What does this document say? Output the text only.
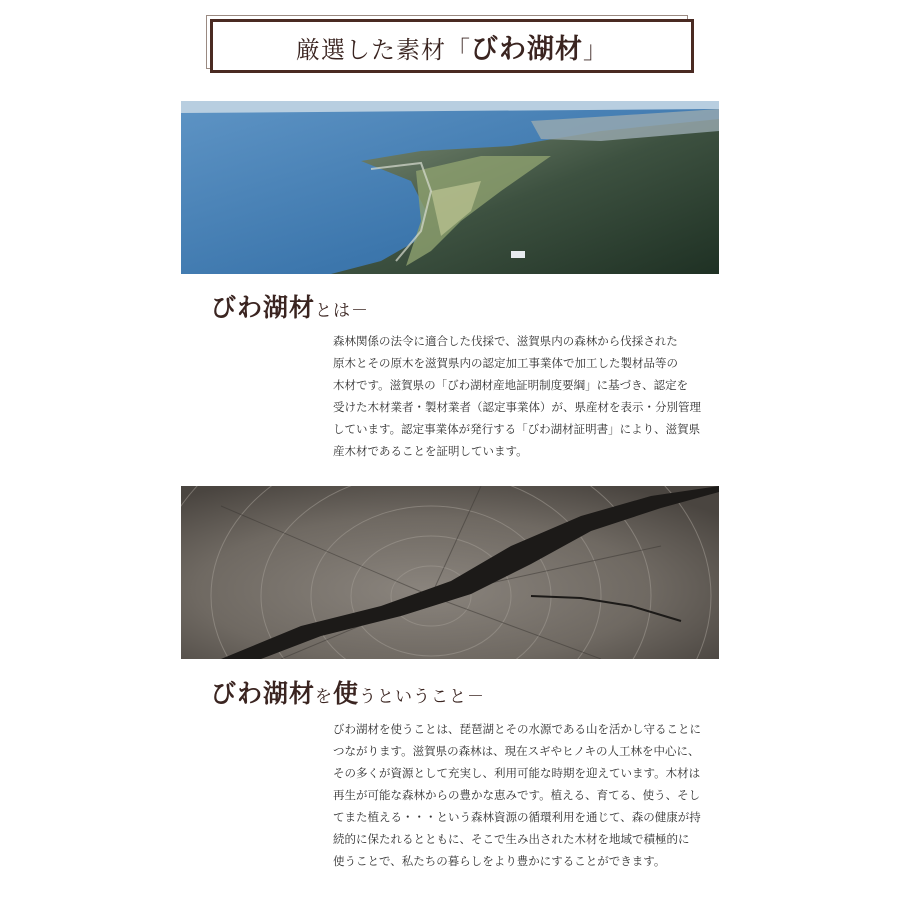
厳選した素材「びわ湖材」
びわ湖材とは－
森林関係の法令に適合した伐採で、滋賀県内の森林から伐採された
原木とその原木を滋賀県内の認定加工事業体で加工した製材品等の
木材です。滋賀県の「びわ湖材産地証明制度要綱」に基づき、認定を
受けた木材業者・製材業者（認定事業体）が、県産材を表示・分別管理
しています。認定事業体が発行する「びわ湖材証明書」により、滋賀県
産木材であることを証明しています。
びわ湖材を使うということ－
びわ湖材を使うことは、琵琶湖とその水源である山を活かし守ることに
つながります。滋賀県の森林は、現在スギやヒノキの人工林を中心に、
その多くが資源として充実し、利用可能な時期を迎えています。木材は
再生が可能な森林からの豊かな恵みです。植える、育てる、使う、そし
てまた植える・・・という森林資源の循環利用を通じて、森の健康が持
続的に保たれるとともに、そこで生み出された木材を地域で積極的に
使うことで、私たちの暮らしをより豊かにすることができます。
